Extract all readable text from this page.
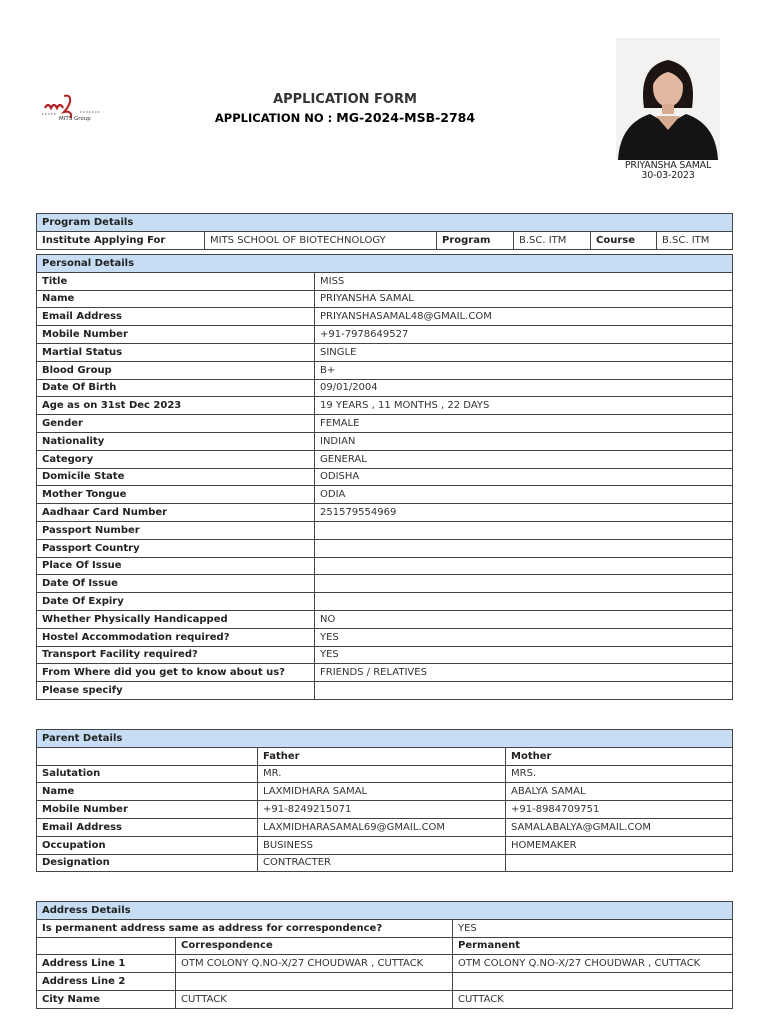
MITS Group
APPLICATION FORM
APPLICATION NO : MG-2024-MSB-2784
PRIYANSHA SAMAL
30-03-2023
Program Details
Institute Applying For	MITS SCHOOL OF BIOTECHNOLOGY	Program	B.SC. ITM	Course	B.SC. ITM
Personal Details	
Title	MISS
Name	PRIYANSHA SAMAL
Email Address	PRIYANSHASAMAL48@GMAIL.COM
Mobile Number	+91-7978649527
Martial Status	SINGLE
Blood Group	B+
Date Of Birth	09/01/2004
Age as on 31st Dec 2023	19 YEARS , 11 MONTHS , 22 DAYS
Gender	FEMALE
Nationality	INDIAN
Category	GENERAL
Domicile State	ODISHA
Mother Tongue	ODIA
Aadhaar Card Number	251579554969
Passport Number	
Passport Country	
Place Of Issue	
Date Of Issue	
Date Of Expiry	
Whether Physically Handicapped	NO
Hostel Accommodation required?	YES
Transport Facility required?	YES
From Where did you get to know about us?	FRIENDS / RELATIVES
Please specify	
Parent Details		
	Father	Mother
Salutation	MR.	MRS.
Name	LAXMIDHARA SAMAL	ABALYA SAMAL
Mobile Number	+91-8249215071	+91-8984709751
Email Address	LAXMIDHARASAMAL69@GMAIL.COM	SAMALABALYA@GMAIL.COM
Occupation	BUSINESS	HOMEMAKER
Designation	CONTRACTER	
Address Details		
Is permanent address same as address for correspondence?		YES
	Correspondence	Permanent
Address Line 1	OTM COLONY Q.NO-X/27 CHOUDWAR , CUTTACK	OTM COLONY Q.NO-X/27 CHOUDWAR , CUTTACK
Address Line 2		
City Name	CUTTACK	CUTTACK
